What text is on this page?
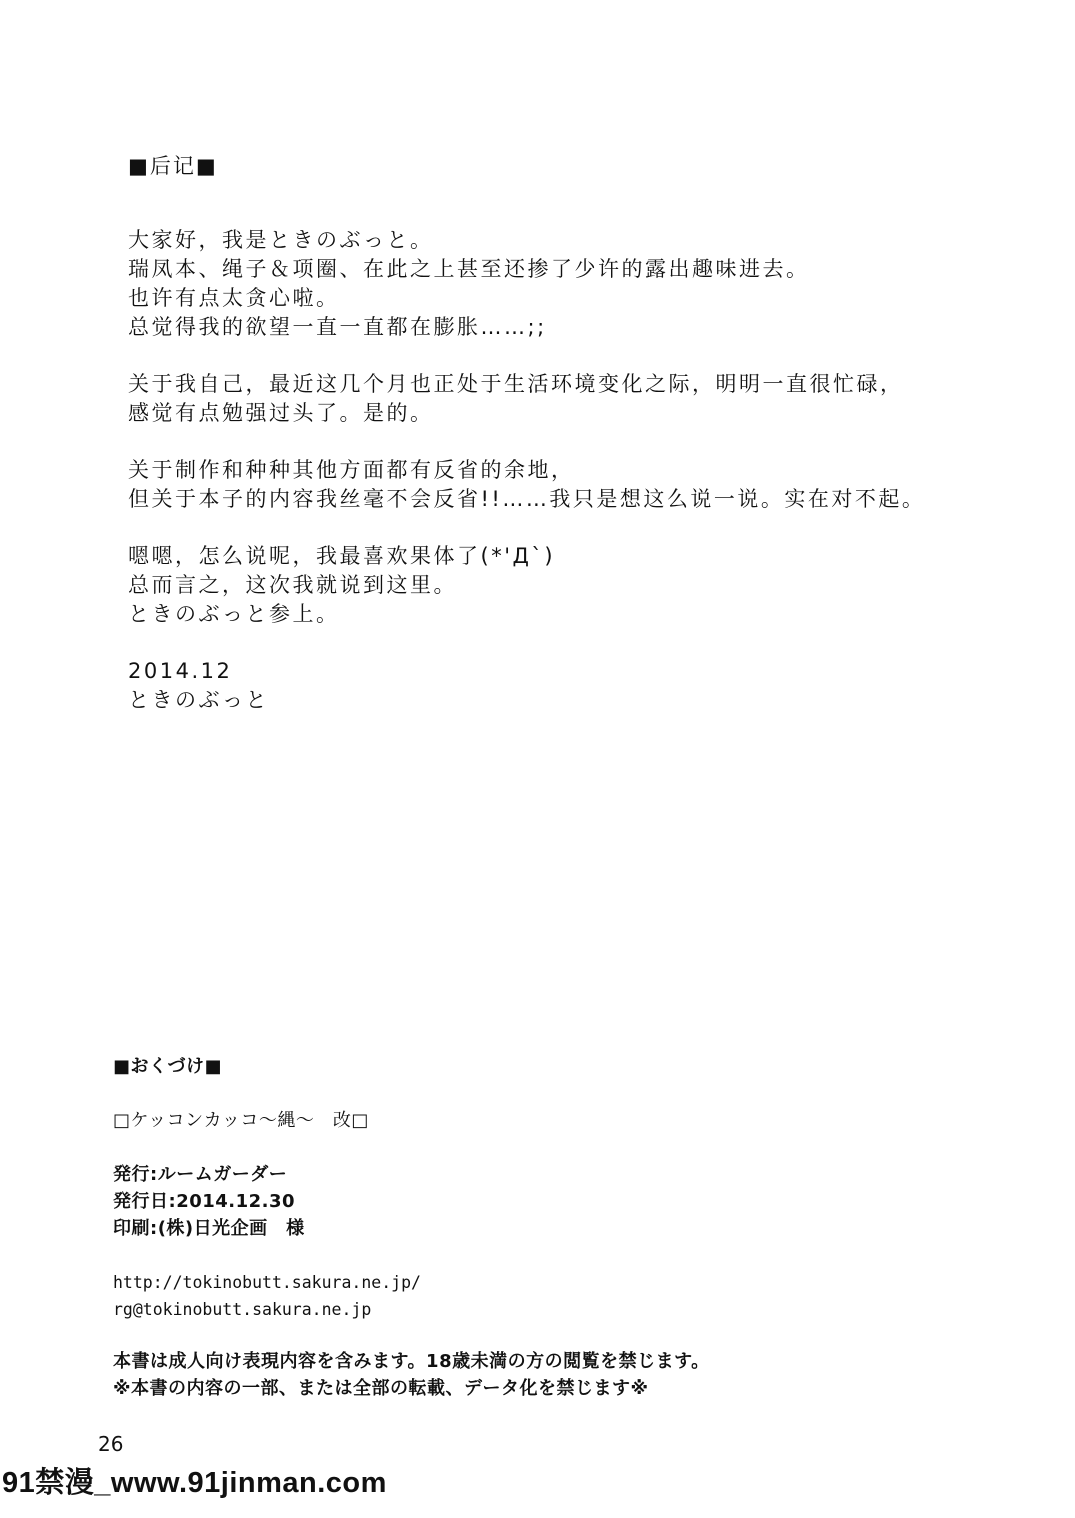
■后记■
大家好，我是ときのぶっと。
瑞凤本、绳子＆项圈、在此之上甚至还掺了少许的露出趣味进去。
也许有点太贪心啦。
总觉得我的欲望一直一直都在膨胀……;;
关于我自己，最近这几个月也正处于生活环境变化之际，明明一直很忙碌，
感觉有点勉强过头了。是的。
关于制作和种种其他方面都有反省的余地，
但关于本子的内容我丝毫不会反省!!……我只是想这么说一说。实在对不起。
嗯嗯，怎么说呢，我最喜欢果体了(*'Д`)
总而言之，这次我就说到这里。
ときのぶっと参上。
2014.12
ときのぶっと
■おくづけ■
□ケッコンカッコ～縄～　改□
発行:ルームガーダー
発行日:2014.12.30
印刷:(株)日光企画　様
http://tokinobutt.sakura.ne.jp/
rg@tokinobutt.sakura.ne.jp
本書は成人向け表現内容を含みます。18歳未満の方の閲覧を禁じます。
※本書の内容の一部、または全部の転載、データ化を禁じます※
26
91禁漫_www.91jinman.com
